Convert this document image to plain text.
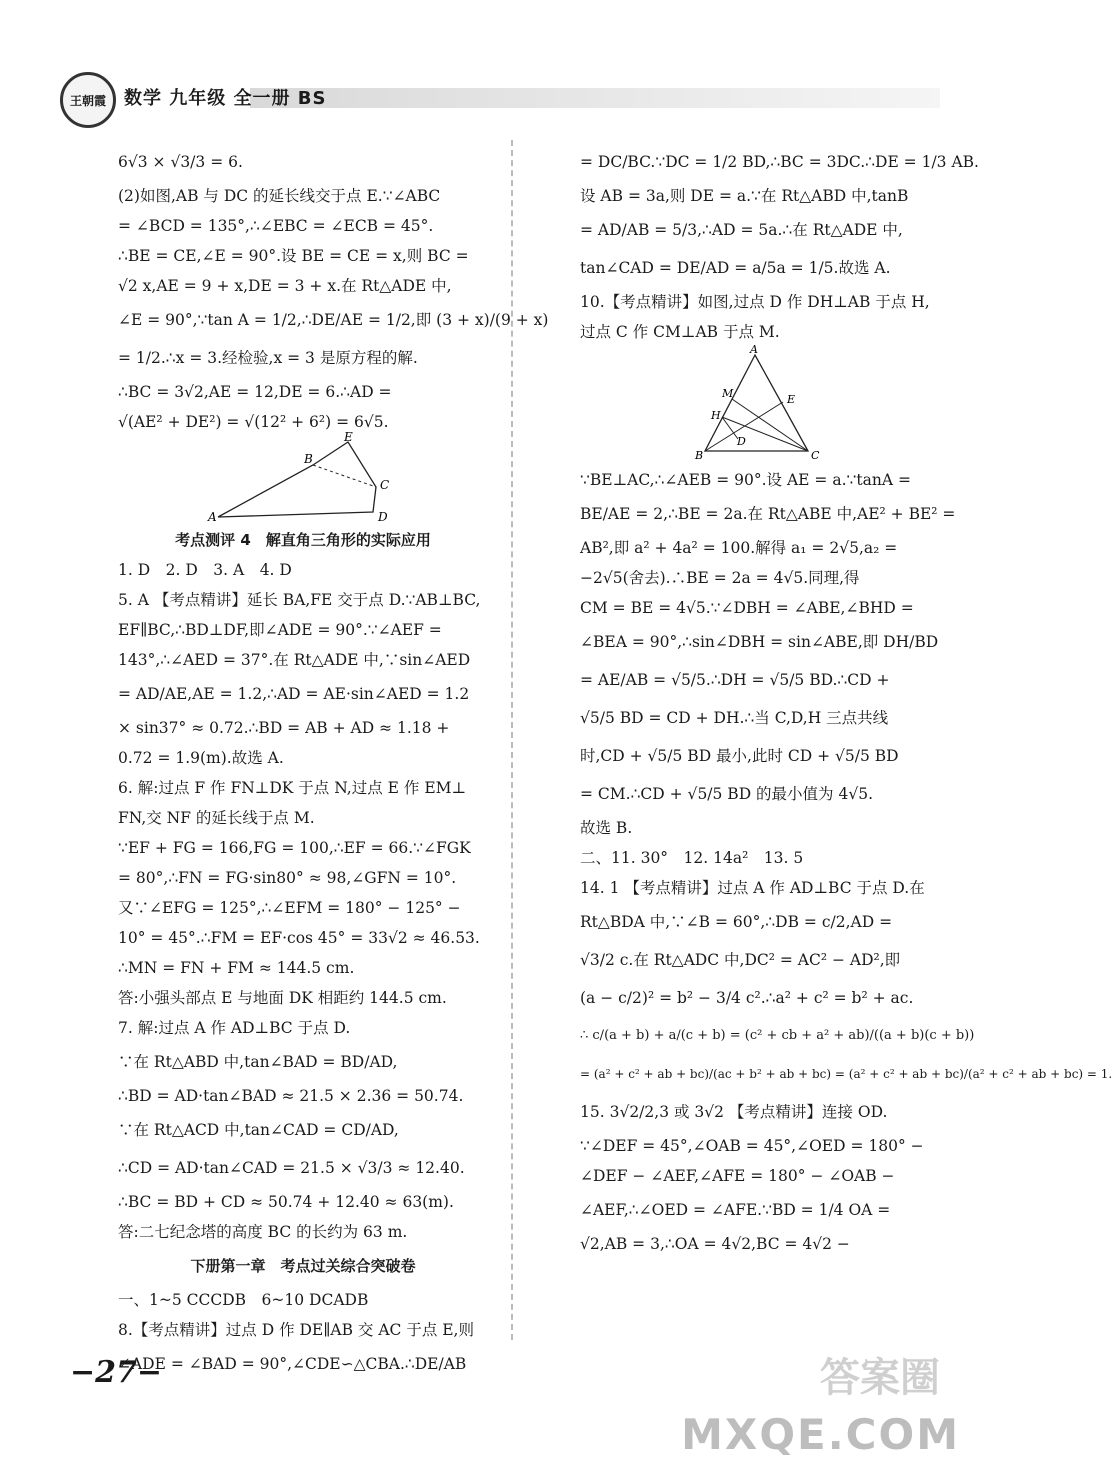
王朝霞 数学 九年级 全一册 BS
6√3 × √3/3 = 6.
(2)如图,AB 与 DC 的延长线交于点 E.∵∠ABC
= ∠BCD = 135°,∴∠EBC = ∠ECB = 45°.
∴BE = CE,∠E = 90°.设 BE = CE = x,则 BC =
√2 x,AE = 9 + x,DE = 3 + x.在 Rt△ADE 中,
∠E = 90°,∵tan A = 1/2,∴DE/AE = 1/2,即 (3 + x)/(9 + x)
= 1/2.∴x = 3.经检验,x = 3 是原方程的解.
∴BC = 3√2,AE = 12,DE = 6.∴AD =
√(AE² + DE²) = √(12² + 6²) = 6√5.
A
B
E
C
D
考点测评 4　解直角三角形的实际应用
1. D　2. D　3. A　4. D
5. A 【考点精讲】延长 BA,FE 交于点 D.∵AB⊥BC,
EF∥BC,∴BD⊥DF,即∠ADE = 90°.∵∠AEF =
143°,∴∠AED = 37°.在 Rt△ADE 中,∵sin∠AED
= AD/AE,AE = 1.2,∴AD = AE·sin∠AED = 1.2
× sin37° ≈ 0.72.∴BD = AB + AD ≈ 1.18 +
0.72 = 1.9(m).故选 A.
6. 解:过点 F 作 FN⊥DK 于点 N,过点 E 作 EM⊥
FN,交 NF 的延长线于点 M.
∵EF + FG = 166,FG = 100,∴EF = 66.∵∠FGK
= 80°,∴FN = FG·sin80° ≈ 98,∠GFN = 10°.
又∵∠EFG = 125°,∴∠EFM = 180° − 125° −
10° = 45°.∴FM = EF·cos 45° = 33√2 ≈ 46.53.
∴MN = FN + FM ≈ 144.5 cm.
答:小强头部点 E 与地面 DK 相距约 144.5 cm.
7. 解:过点 A 作 AD⊥BC 于点 D.
∵在 Rt△ABD 中,tan∠BAD = BD/AD,
∴BD = AD·tan∠BAD ≈ 21.5 × 2.36 = 50.74.
∵在 Rt△ACD 中,tan∠CAD = CD/AD,
∴CD = AD·tan∠CAD = 21.5 × √3/3 ≈ 12.40.
∴BC = BD + CD ≈ 50.74 + 12.40 ≈ 63(m).
答:二七纪念塔的高度 BC 的长约为 63 m.
下册第一章　考点过关综合突破卷
一、1~5 CCCDB　6~10 DCADB
8.【考点精讲】过点 D 作 DE∥AB 交 AC 于点 E,则
∠ADE = ∠BAD = 90°,∠CDE∽△CBA.∴DE/AB
= DC/BC.∵DC = 1/2 BD,∴BC = 3DC.∴DE = 1/3 AB.
设 AB = 3a,则 DE = a.∵在 Rt△ABD 中,tanB
= AD/AB = 5/3,∴AD = 5a.∴在 Rt△ADE 中,
tan∠CAD = DE/AD = a/5a = 1/5.故选 A.
10.【考点精讲】如图,过点 D 作 DH⊥AB 于点 H,
过点 C 作 CM⊥AB 于点 M.
A
M
H
E
B
D
C
∵BE⊥AC,∴∠AEB = 90°.设 AE = a.∵tanA =
BE/AE = 2,∴BE = 2a.在 Rt△ABE 中,AE² + BE² =
AB²,即 a² + 4a² = 100.解得 a₁ = 2√5,a₂ =
−2√5(舍去).∴BE = 2a = 4√5.同理,得
CM = BE = 4√5.∵∠DBH = ∠ABE,∠BHD =
∠BEA = 90°,∴sin∠DBH = sin∠ABE,即 DH/BD
= AE/AB = √5/5.∴DH = √5/5 BD.∴CD +
√5/5 BD = CD + DH.∴当 C,D,H 三点共线
时,CD + √5/5 BD 最小,此时 CD + √5/5 BD
= CM.∴CD + √5/5 BD 的最小值为 4√5.
故选 B.
二、11. 30°　12. 14a²　13. 5
14. 1 【考点精讲】过点 A 作 AD⊥BC 于点 D.在
Rt△BDA 中,∵∠B = 60°,∴DB = c/2,AD =
√3/2 c.在 Rt△ADC 中,DC² = AC² − AD²,即
(a − c/2)² = b² − 3/4 c².∴a² + c² = b² + ac.
∴ c/(a + b) + a/(c + b) = (c² + cb + a² + ab)/((a + b)(c + b))
= (a² + c² + ab + bc)/(ac + b² + ab + bc) = (a² + c² + ab + bc)/(a² + c² + ab + bc) = 1.
15. 3√2/2,3 或 3√2 【考点精讲】连接 OD.
∵∠DEF = 45°,∠OAB = 45°,∠OED = 180° −
∠DEF − ∠AEF,∠AFE = 180° − ∠OAB −
∠AEF,∴∠OED = ∠AFE.∵BD = 1/4 OA =
√2,AB = 3,∴OA = 4√2,BC = 4√2 −
−27−	答案圈
MXQE.COM
